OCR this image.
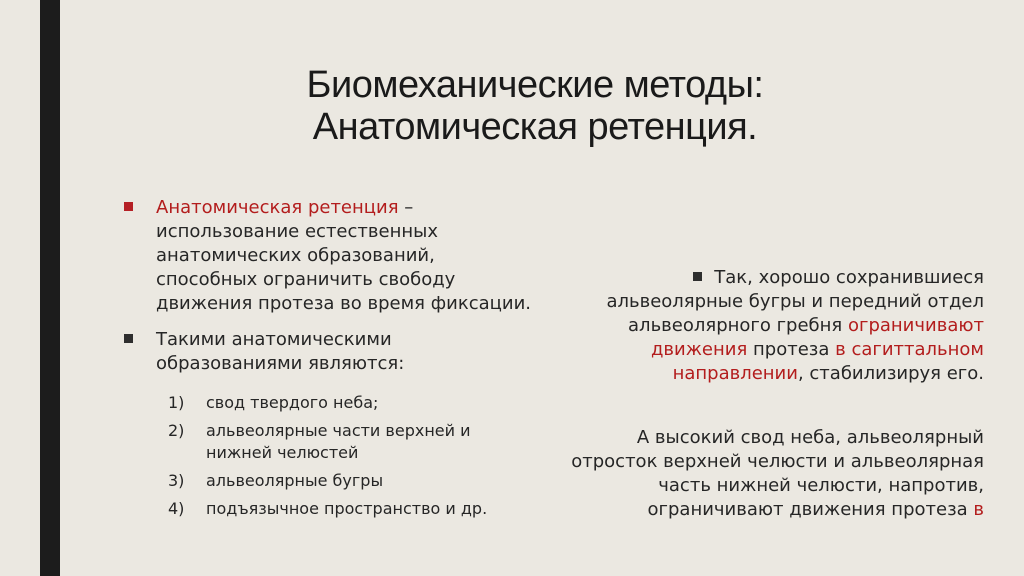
Биомеханические методы:
Анатомическая ретенция.
Анатомическая ретенция – использование естественных анатомических образований, способных ограничить свободу движения протеза во время фиксации.
Такими анатомическими образованиями являются:
1) свод твердого неба;
2) альвеолярные части верхней и нижней челюстей
3) альвеолярные бугры
4) подъязычное пространство и др.
Так, хорошо сохранившиеся альвеолярные бугры и передний отдел альвеолярного гребня ограничивают движения протеза в сагиттальном направлении, стабилизируя его.
А высокий свод неба, альвеолярный отросток верхней челюсти и альвеолярная часть нижней челюсти, напротив, ограничивают движения протеза в
